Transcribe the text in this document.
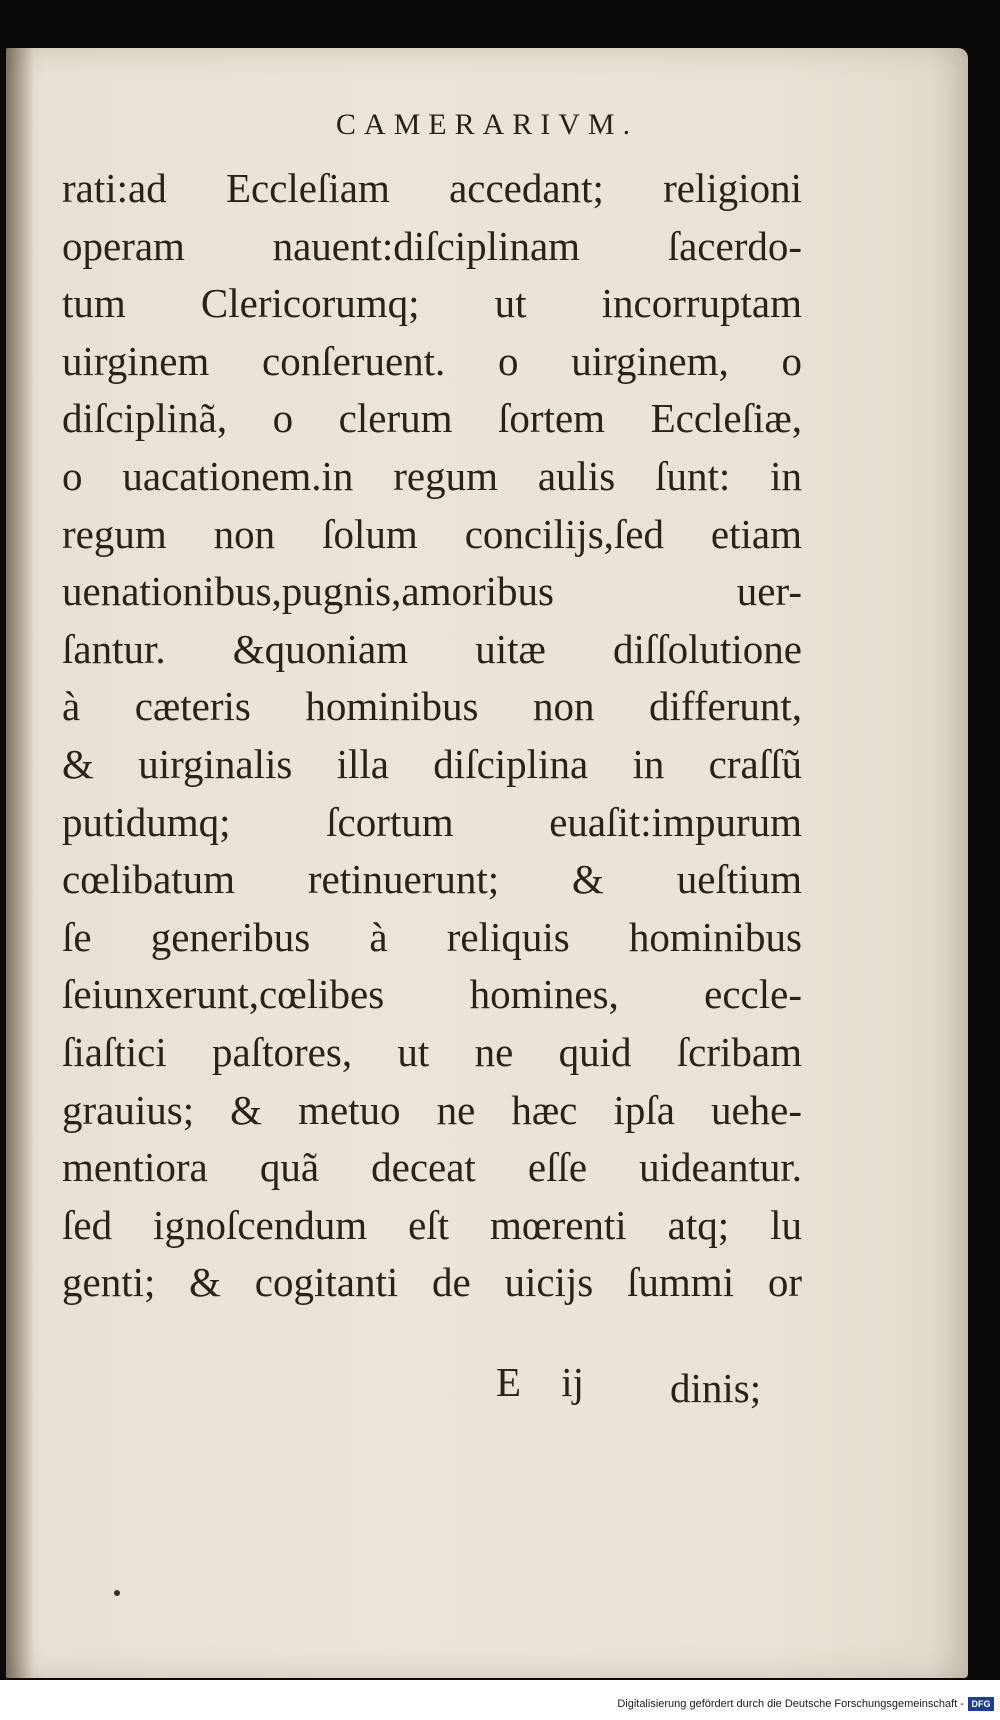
CAMERARIVM.
rati:ad Eccleſiam accedant; religioni
operam nauent:diſciplinam ſacerdo-
tum Clericorumq; ut incorruptam
uirginem conſeruent. o uirginem, o
diſciplinã, o clerum ſortem Eccleſiæ,
o uacationem.in regum aulis ſunt: in
regum non ſolum concilijs,ſed etiam
uenationibus,pugnis,amoribus uer-
ſantur. &quoniam uitæ diſſolutione
à cæteris hominibus non differunt,
& uirginalis illa diſciplina in craſſũ
putidumq; ſcortum euaſit:impurum
cœlibatum retinuerunt; & ueſtium
ſe generibus à reliquis hominibus
ſeiunxerunt,cœlibes homines, eccle-
ſiaſtici paſtores, ut ne quid ſcribam
grauius; & metuo ne hæc ipſa uehe-
mentiora quã deceat eſſe uideantur.
ſed ignoſcendum eſt mœrenti atq; lu
genti; & cogitanti de uicijs ſummi or
E ij dinis;
Digitalisierung gefördert durch die Deutsche Forschungsgemeinschaft - DFG
